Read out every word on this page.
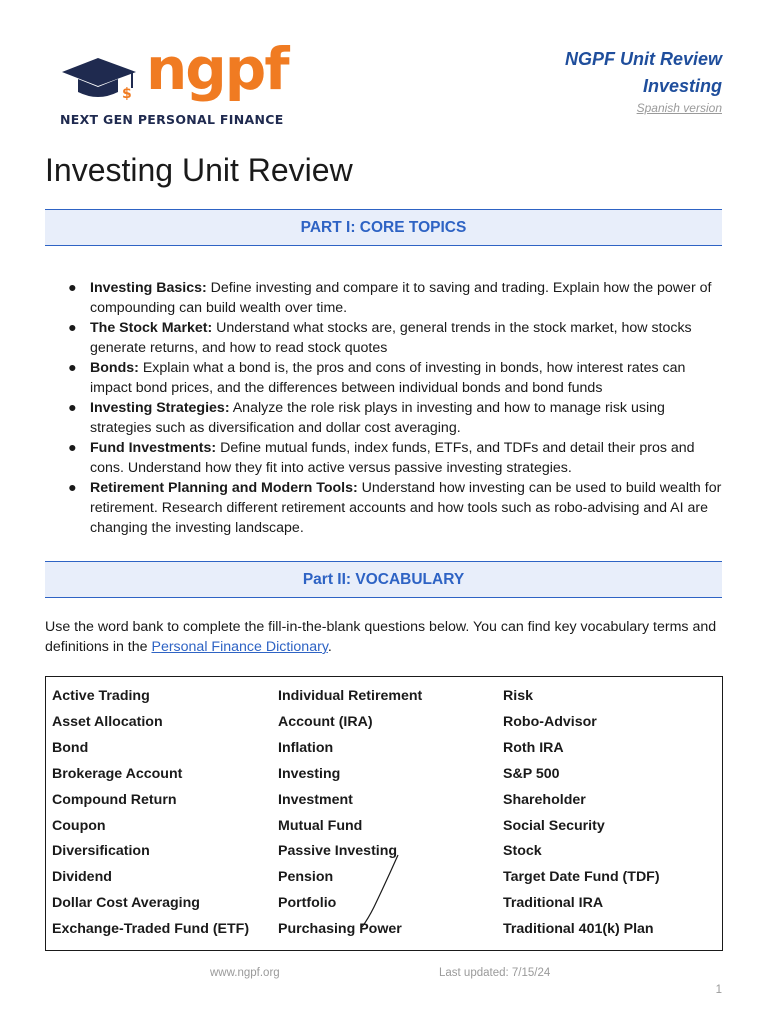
$ ngpf
NEXT GEN PERSONAL FINANCE
NGPF Unit Review
Investing
Spanish version
Investing Unit Review
PART I: CORE TOPICS
● Investing Basics: Define investing and compare it to saving and trading. Explain how the power of compounding can build wealth over time.
● The Stock Market: Understand what stocks are, general trends in the stock market, how stocks generate returns, and how to read stock quotes
● Bonds: Explain what a bond is, the pros and cons of investing in bonds, how interest rates can impact bond prices, and the differences between individual bonds and bond funds
● Investing Strategies: Analyze the role risk plays in investing and how to manage risk using strategies such as diversification and dollar cost averaging.
● Fund Investments: Define mutual funds, index funds, ETFs, and TDFs and detail their pros and cons. Understand how they fit into active versus passive investing strategies.
● Retirement Planning and Modern Tools: Understand how investing can be used to build wealth for retirement. Research different retirement accounts and how tools such as robo-advising and AI are changing the investing landscape.
Part II: VOCABULARY

Use the word bank to complete the fill-in-the-blank questions below. You can find key vocabulary terms and definitions in the Personal Finance Dictionary.

Active Trading
Asset Allocation
Bond
Brokerage Account
Compound Return
Coupon
Diversification
Dividend
Dollar Cost Averaging
Exchange-Traded Fund (ETF)
Individual Retirement
Account (IRA)
Inflation
Investing
Investment
Mutual Fund
Passive Investing
Pension
Portfolio
Purchasing Power
Risk
Robo-Advisor
Roth IRA
S&P 500
Shareholder
Social Security
Stock
Target Date Fund (TDF)
Traditional IRA
Traditional 401(k) Plan
www.ngpf.org	Last updated: 7/15/24
1
